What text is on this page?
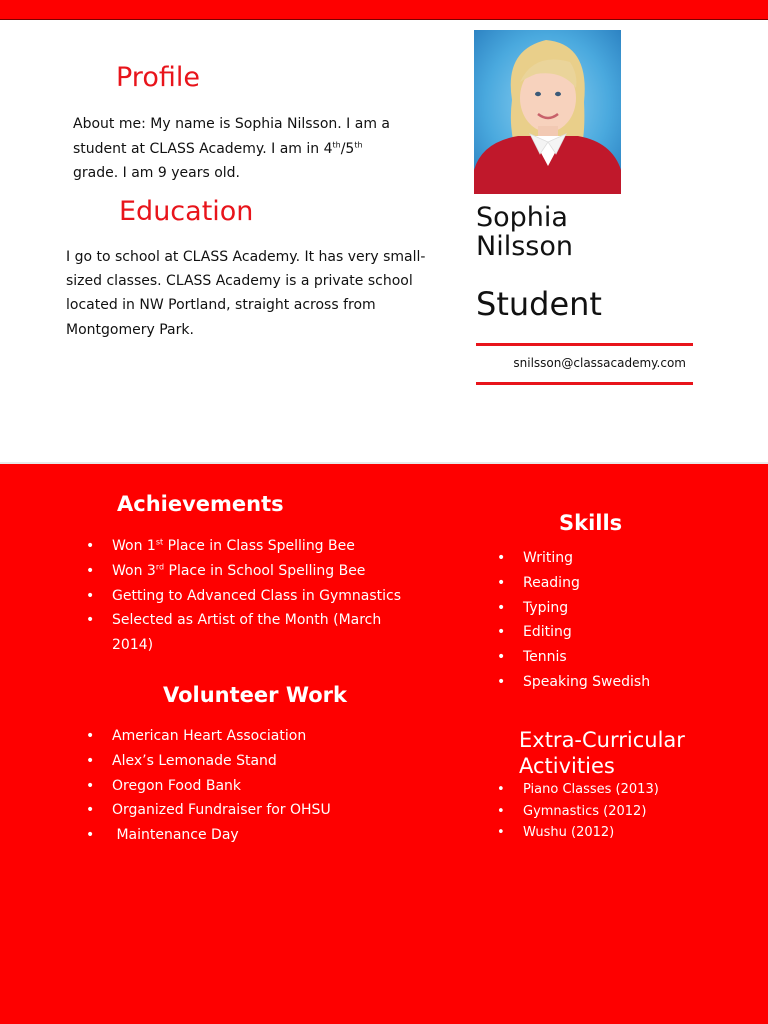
Profile
About me: My name is Sophia Nilsson. I am a
student at CLASS Academy. I am in 4th/5th
grade. I am 9 years old.
Education
I go to school at CLASS Academy. It has very small-
sized classes. CLASS Academy is a private school
located in NW Portland, straight across from
Montgomery Park.
Sophia
Nilsson
Student
snilsson@classacademy.com
Achievements
• Won 1st Place in Class Spelling Bee
• Won 3rd Place in School Spelling Bee
• Getting to Advanced Class in Gymnastics
• Selected as Artist of the Month (March 2014)
Volunteer Work
• American Heart Association
• Alex’s Lemonade Stand
• Oregon Food Bank
• Organized Fundraiser for OHSU
•  Maintenance Day
Skills
• Writing
• Reading
• Typing
• Editing
• Tennis
• Speaking Swedish
Extra-Curricular
Activities
• Piano Classes (2013)
• Gymnastics (2012)
• Wushu (2012)
